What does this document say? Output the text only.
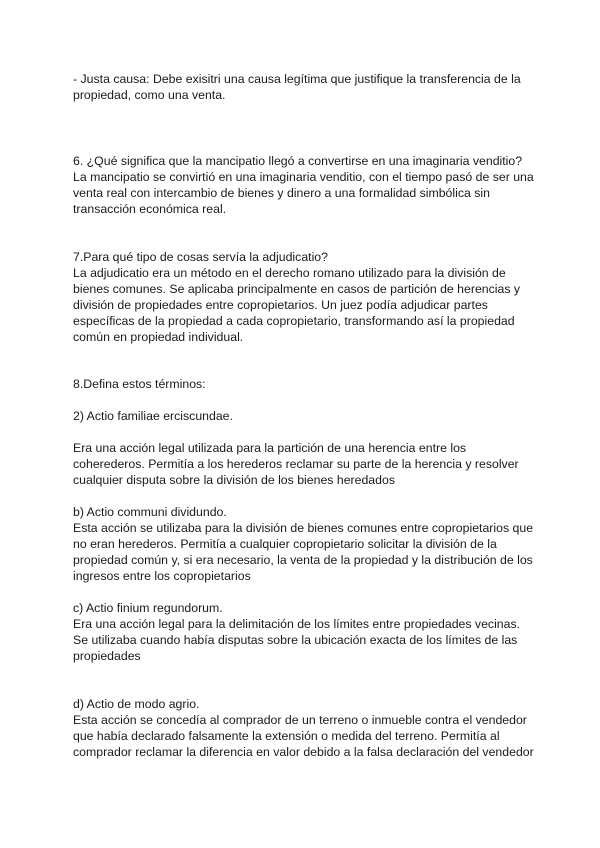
- Justa causa: Debe exisitri una causa legítima que justifique la transferencia de la
propiedad, como una venta.

6. ¿Qué significa que la mancipatio llegó a convertirse en una imaginaria venditio?
La mancipatio se convirtió en una imaginaria venditio, con el tiempo pasó de ser una
venta real con intercambio de bienes y dinero a una formalidad simbólica sin
transacción económica real.

7.Para qué tipo de cosas servía la adjudicatio?
La adjudicatio era un método en el derecho romano utilizado para la división de
bienes comunes. Se aplicaba principalmente en casos de partición de herencias y
división de propiedades entre copropietarios. Un juez podía adjudicar partes
específicas de la propiedad a cada copropietario, transformando así la propiedad
común en propiedad individual.

8.Defina estos términos:

2) Actio familiae erciscundae.

Era una acción legal utilizada para la partición de una herencia entre los
coherederos. Permitía a los herederos reclamar su parte de la herencia y resolver
cualquier disputa sobre la división de los bienes heredados

b) Actio communi dividundo.
Esta acción se utilizaba para la división de bienes comunes entre copropietarios que
no eran herederos. Permitía a cualquier copropietario solicitar la división de la
propiedad común y, si era necesario, la venta de la propiedad y la distribución de los
ingresos entre los copropietarios

c) Actio finium regundorum.
Era una acción legal para la delimitación de los límites entre propiedades vecinas.
Se utilizaba cuando había disputas sobre la ubicación exacta de los límites de las
propiedades

d) Actio de modo agrio.
Esta acción se concedía al comprador de un terreno o inmueble contra el vendedor
que había declarado falsamente la extensión o medida del terreno. Permitía al
comprador reclamar la diferencia en valor debido a la falsa declaración del vendedor
